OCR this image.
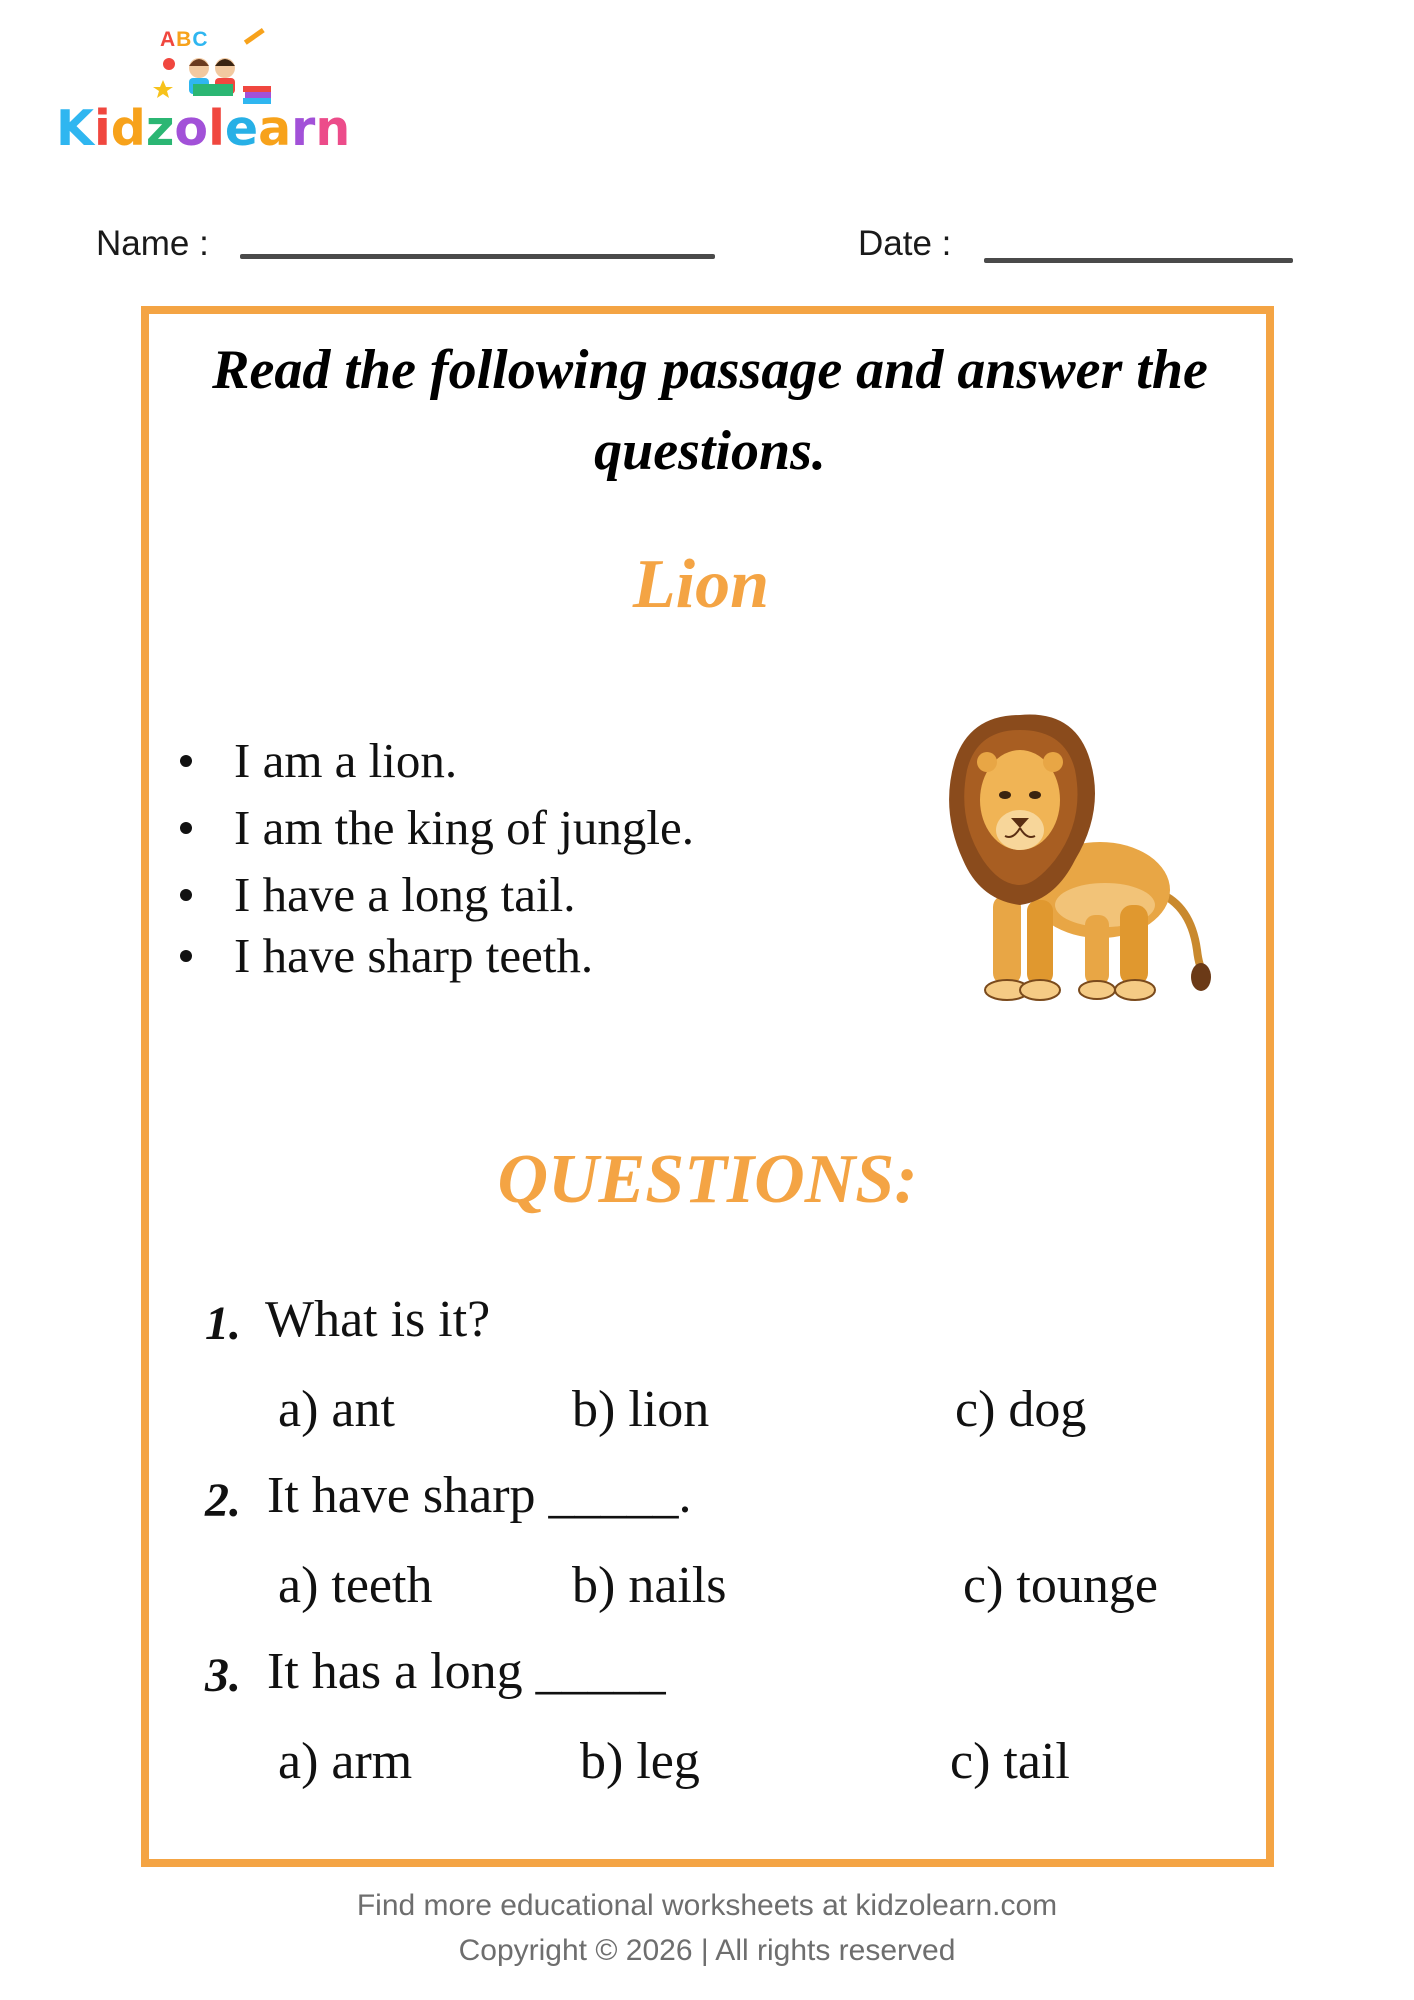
ABC
Kidzolearn
Name :	Date :
Read the following passage and answer the questions.
Lion
I am a lion.
I am the king of jungle.
I have a long tail.
I have sharp teeth.
QUESTIONS:
1. What is it?
a) ant	b) lion	c) dog
2. It have sharp _____.
a) teeth	b) nails	c) tounge
3. It has a long _____
a) arm	b) leg	c) tail
Find more educational worksheets at kidzolearn.com
Copyright © 2026 | All rights reserved
